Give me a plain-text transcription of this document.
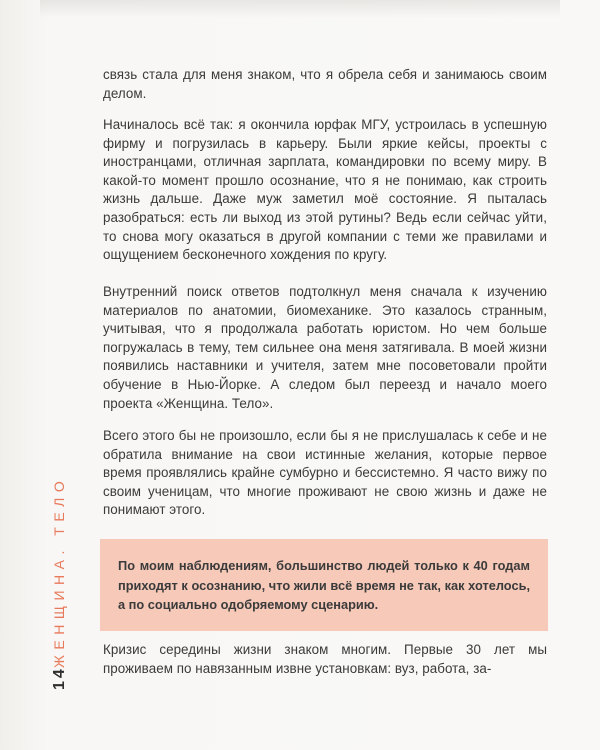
связь стала для меня знаком, что я обрела себя и занимаюсь своим делом.

Начиналось всё так: я окончила юрфак МГУ, устроилась в успешную фирму и погрузилась в карьеру. Были яркие кейсы, проекты с иностранцами, отличная зарплата, командировки по всему миру. В какой-то момент прошло осознание, что я не понимаю, как строить жизнь дальше. Даже муж заметил моё состояние. Я пыталась разобраться: есть ли выход из этой рутины? Ведь если сейчас уйти, то снова могу оказаться в другой компании с теми же правилами и ощущением бесконечного хождения по кругу.

Внутренний поиск ответов подтолкнул меня сначала к изучению материалов по анатомии, биомеханике. Это казалось странным, учитывая, что я продолжала работать юристом. Но чем больше погружалась в тему, тем сильнее она меня затягивала. В моей жизни появились наставники и учителя, затем мне посоветовали пройти обучение в Нью-Йорке. А следом был переезд и начало моего проекта «Женщина. Тело».

Всего этого бы не произошло, если бы я не прислушалась к себе и не обратила внимание на свои истинные желания, которые первое время проявлялись крайне сумбурно и бессистемно. Я часто вижу по своим ученицам, что многие проживают не свою жизнь и даже не понимают этого.

По моим наблюдениям, большинство людей только к 40 годам приходят к осознанию, что жили всё время не так, как хотелось, а по социально одобряемому сценарию.

Кризис середины жизни знаком многим. Первые 30 лет мы проживаем по навязанным извне установкам: вуз, работа, за-

ЖЕНЩИНА. ТЕЛО
14
